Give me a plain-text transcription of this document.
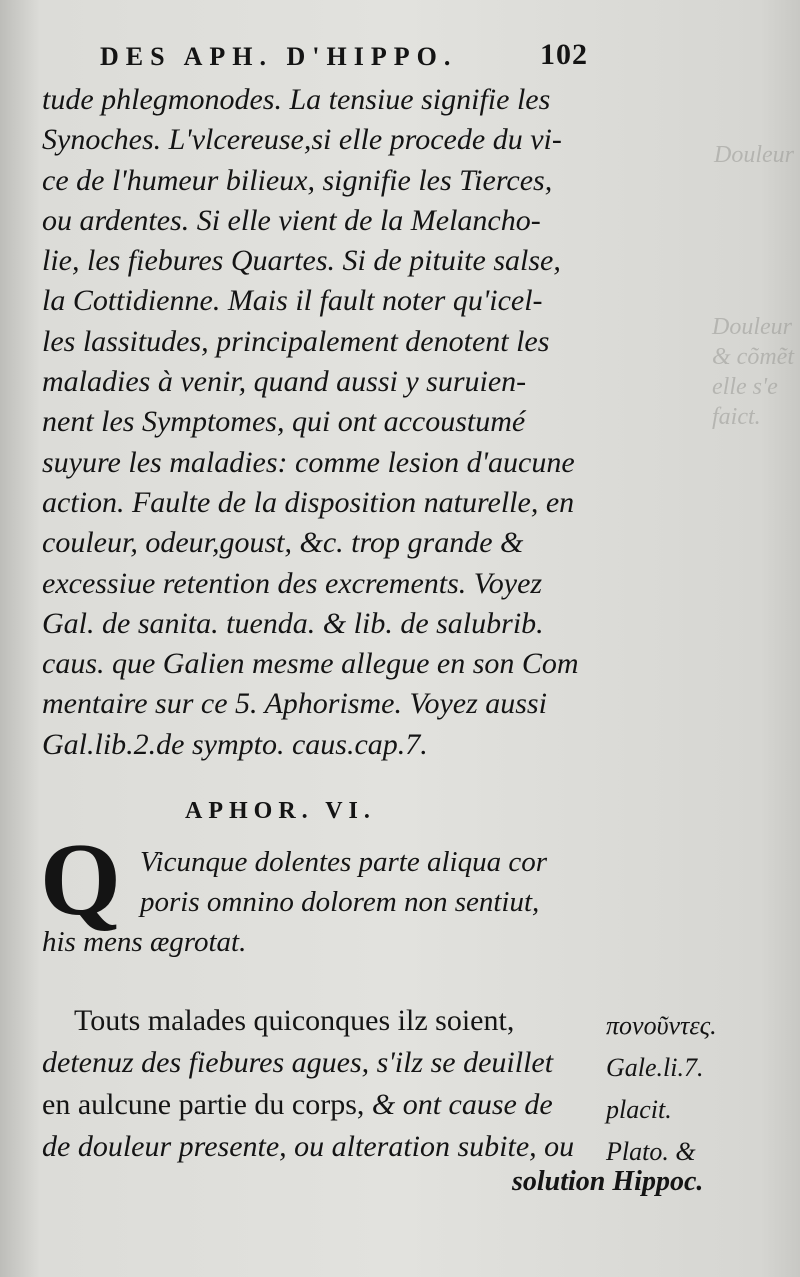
Douleur
Douleur
& cõmẽt
elle s'e
faict.
DES APH. D'HIPPO.	102
tude phlegmonodes. La tensiue signifie les
Synoches. L'vlcereuse,si elle procede du vi-
ce de l'humeur bilieux, signifie les Tierces,
ou ardentes. Si elle vient de la Melancho-
lie, les fiebures Quartes. Si de pituite salse,
la Cottidienne. Mais il fault noter qu'icel-
les lassitudes, principalement denotent les
maladies à venir, quand aussi y suruien-
nent les Symptomes, qui ont accoustumé
suyure les maladies: comme lesion d'aucune
action. Faulte de la disposition naturelle, en
couleur, odeur,goust, &c. trop grande &
excessiue retention des excrements. Voyez
Gal. de sanita. tuenda. & lib. de salubrib.
caus. que Galien mesme allegue en son Com
mentaire sur ce 5. Aphorisme. Voyez aussi
Gal.lib.2.de sympto. caus.cap.7.
APHOR. VI.
Q Vicunque dolentes parte aliqua cor
poris omnino dolorem non sentiut,
his mens ægrotat.
Touts malades quiconques ilz soient,
detenuz des fiebures agues, s'ilz se deuillet
en aulcune partie du corps, & ont cause de
de douleur presente, ou alteration subite, ou
πονοῦντες.
Gale.li.7.
placit.
Plato. &
solution Hippoc.
